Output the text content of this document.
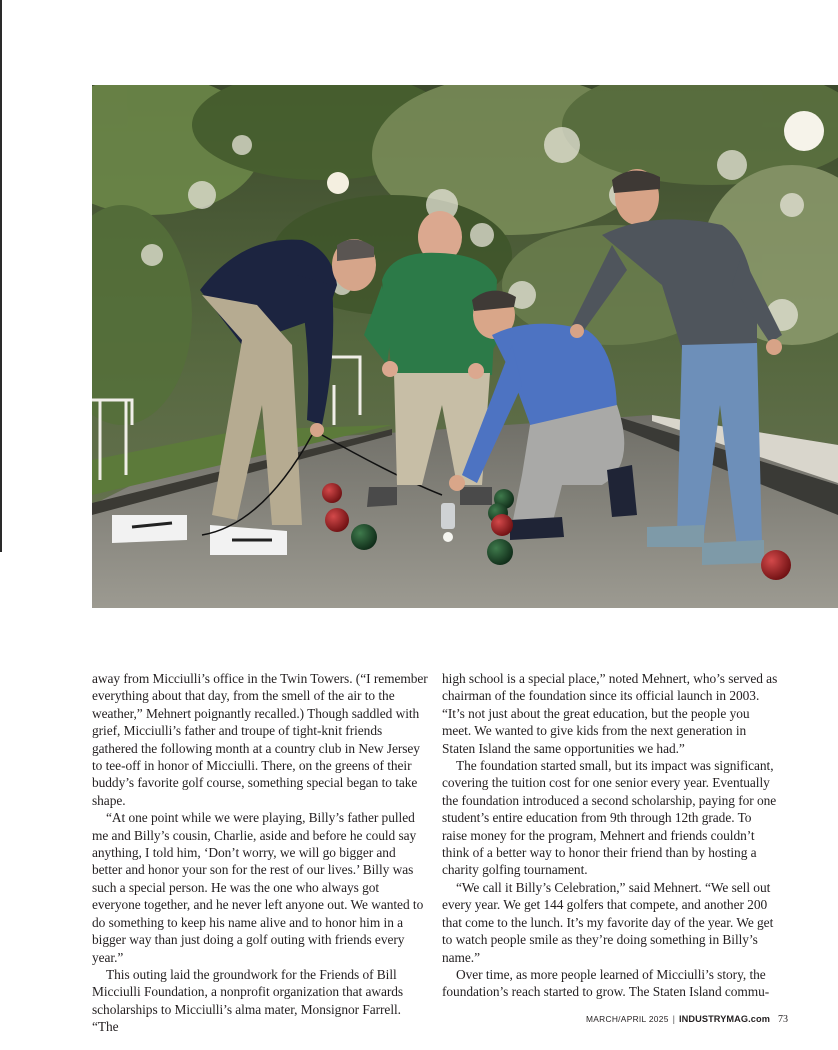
away from Micciulli’s office in the Twin Towers. (“I remember everything about that day, from the smell of the air to the weather,” Mehnert poignantly recalled.) Though saddled with grief, Micciulli’s father and troupe of tight-knit friends gathered the following month at a country club in New Jersey to tee-off in honor of Micciulli. There, on the greens of their buddy’s favorite golf course, something special began to take shape.

“At one point while we were playing, Billy’s father pulled me and Billy’s cousin, Charlie, aside and before he could say anything, I told him, ‘Don’t worry, we will go bigger and better and honor your son for the rest of our lives.’ Billy was such a special person. He was the one who always got everyone together, and he never left anyone out. We wanted to do something to keep his name alive and to honor him in a bigger way than just doing a golf outing with friends every year.”

This outing laid the groundwork for the Friends of Bill Micciulli Foundation, a nonprofit organization that awards scholarships to Micciulli’s alma mater, Monsignor Farrell. “The

high school is a special place,” noted Mehnert, who’s served as chairman of the foundation since its official launch in 2003. “It’s not just about the great education, but the people you meet. We wanted to give kids from the next generation in Staten Island the same opportunities we had.”

The foundation started small, but its impact was significant, covering the tuition cost for one senior every year. Eventually the foundation introduced a second scholarship, paying for one student’s entire education from 9th through 12th grade. To raise money for the program, Mehnert and friends couldn’t think of a better way to honor their friend than by hosting a charity golfing tournament.

“We call it Billy’s Celebration,” said Mehnert. “We sell out every year. We get 144 golfers that compete, and another 200 that come to the lunch. It’s my favorite day of the year. We get to watch people smile as they’re doing something in Billy’s name.”

Over time, as more people learned of Micciulli’s story, the foundation’s reach started to grow. The Staten Island commu-

MARCH/APRIL 2025 | INDUSTRYMAG.com 73
